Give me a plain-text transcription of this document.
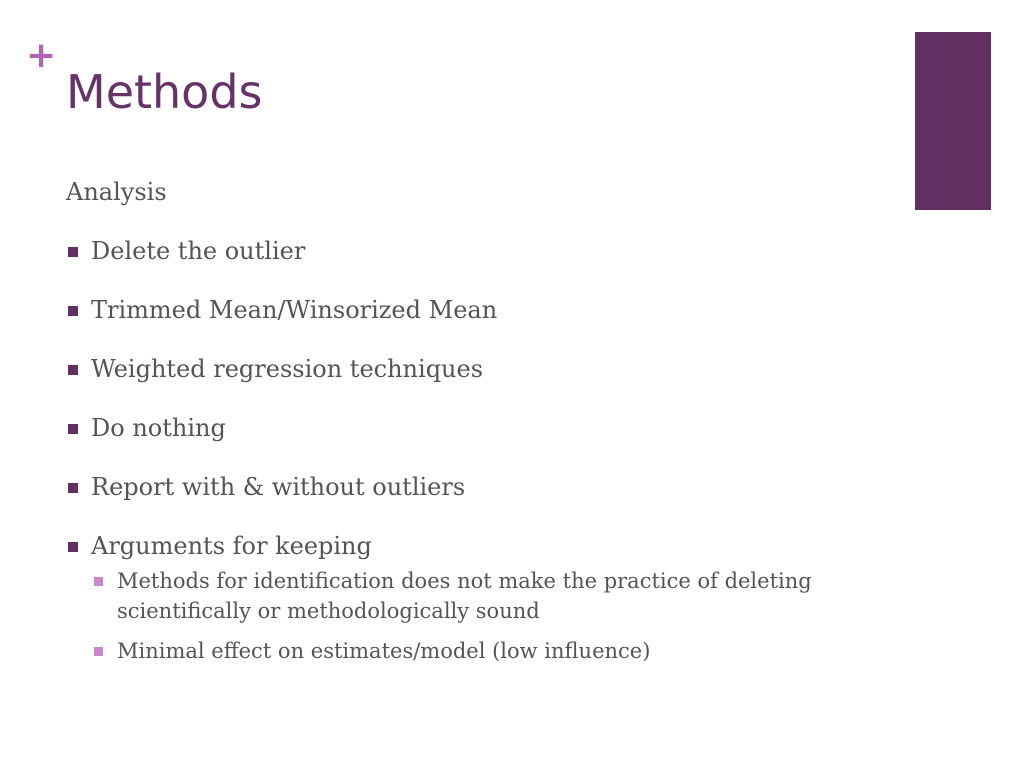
+
Methods
Analysis
Delete the outlier
Trimmed Mean/Winsorized Mean
Weighted regression techniques
Do nothing
Report with & without outliers
Arguments for keeping
Methods for identification does not make the practice of deleting scientifically or methodologically sound
Minimal effect on estimates/model (low influence)
